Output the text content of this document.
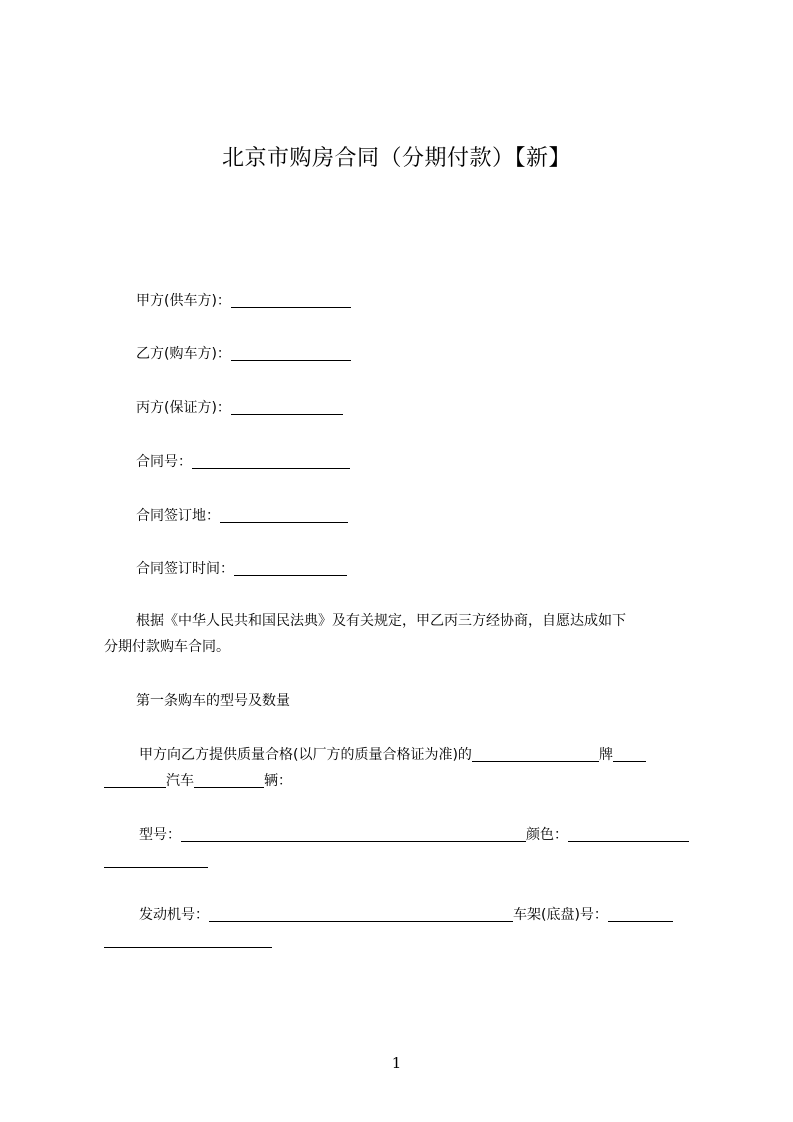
北京市购房合同（分期付款）【新】
甲方(供车方)：
乙方(购车方)：
丙方(保证方)：
合同号：
合同签订地：
合同签订时间：
根据《中华人民共和国民法典》及有关规定，甲乙丙三方经协商，自愿达成如下
分期付款购车合同。
第一条购车的型号及数量
甲方向乙方提供质量合格(以厂方的质量合格证为准)的	牌
汽车	辆：
型号：	颜色：
发动机号：	车架(底盘)号：
1
